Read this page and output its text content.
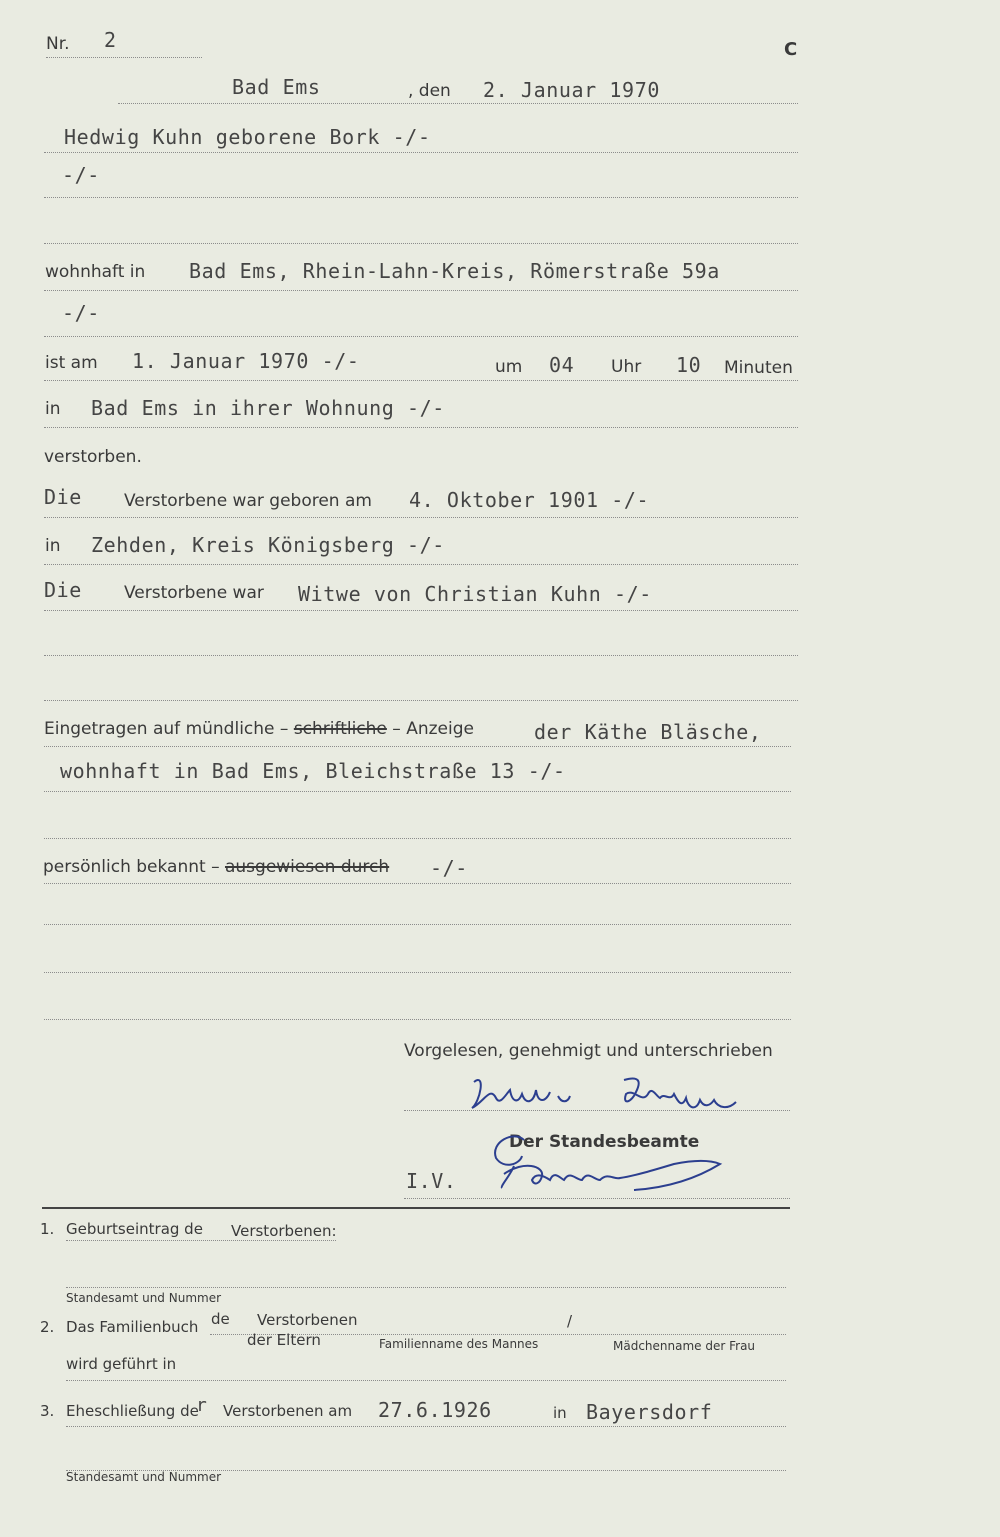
Nr. 2	C
Bad Ems	, den 2. Januar 1970
Hedwig Kuhn geborene Bork -/-
-/-
wohnhaft in Bad Ems, Rhein-Lahn-Kreis, Römerstraße 59a
-/-
ist am 1. Januar 1970 -/-	um 04 Uhr 10 Minuten
in Bad Ems in ihrer Wohnung -/-
verstorben.
Die Verstorbene war geboren am 4. Oktober 1901 -/-
in Zehden, Kreis Königsberg -/-
Die Verstorbene war Witwe von Christian Kuhn -/-
Eingetragen auf mündliche – schriftliche – Anzeige	der Käthe Bläsche,
wohnhaft in Bad Ems, Bleichstraße 13 -/-
persönlich bekannt – ausgewiesen durch -/-
Vorgelesen, genehmigt und unterschrieben
Der Standesbeamte
I.V.
1. Geburtseintrag de Verstorbenen:
Standesamt und Nummer
2. Das Familienbuch de Verstorbenen	/
der Eltern	Familienname des Mannes	Mädchenname der Frau
wird geführt in
3. Eheschließung de
r Verstorbenen am 27.6.1926	in Bayersdorf
Standesamt und Nummer
